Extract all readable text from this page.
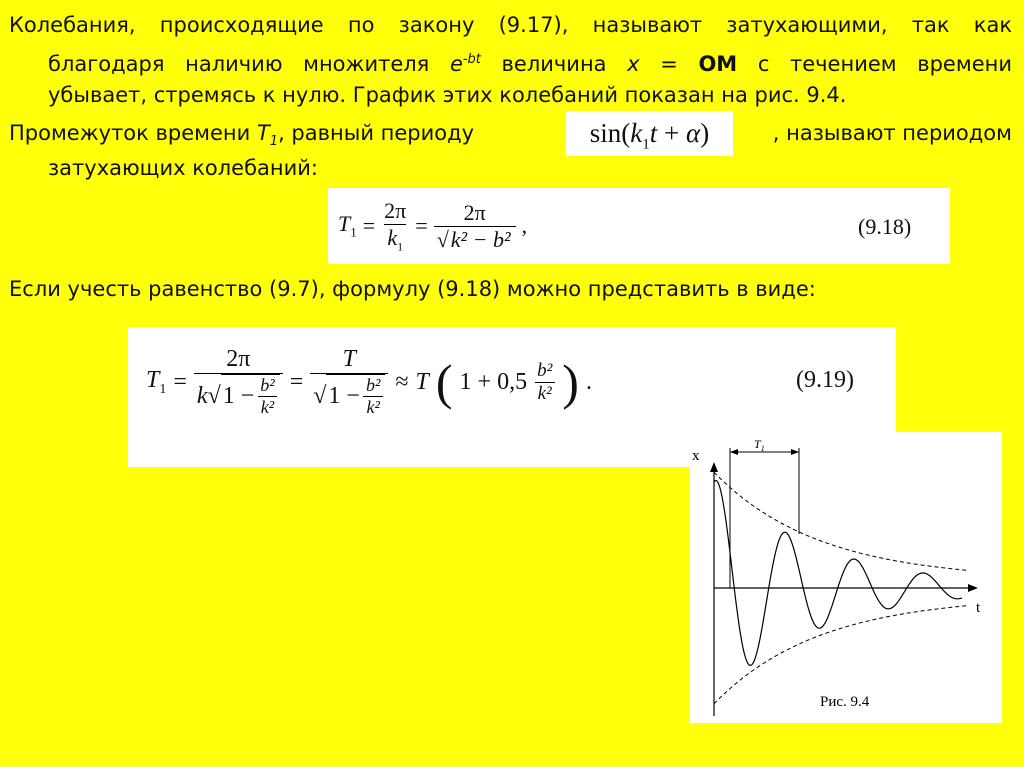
Колебания, происходящие по закону (9.17), называют затухающими, так как
благодаря наличию множителя $e^{-bt}$ величина x = ОМ с течением времени
убывает, стремясь к нулю. График этих колебаний показан на рис. 9.4.
Промежуток времени $T_1$, равный периоду	$\sin(k_1t + \alpha)$	, называют периодом
затухающих колебаний:
$T_1 = \frac{2\pi}{k_1} = \frac{2\pi}{\text{√k² − b²}}$ ,	(9.18)
Если учесть равенство (9.7), формулу (9.18) можно представить в виде:
$T_1 = \frac{2\pi}{k √ 1 - \frac{\text{b²}}{\text{k²}}} = \frac{T}{√ 1 - \frac{\text{b²}}{\text{k²}}} \approx T$ ( $1 + 0,5 \frac{\text{b²}}{\text{k²}}$ ) .	(9.19)
x
t
$T_1$
Рис. 9.4
